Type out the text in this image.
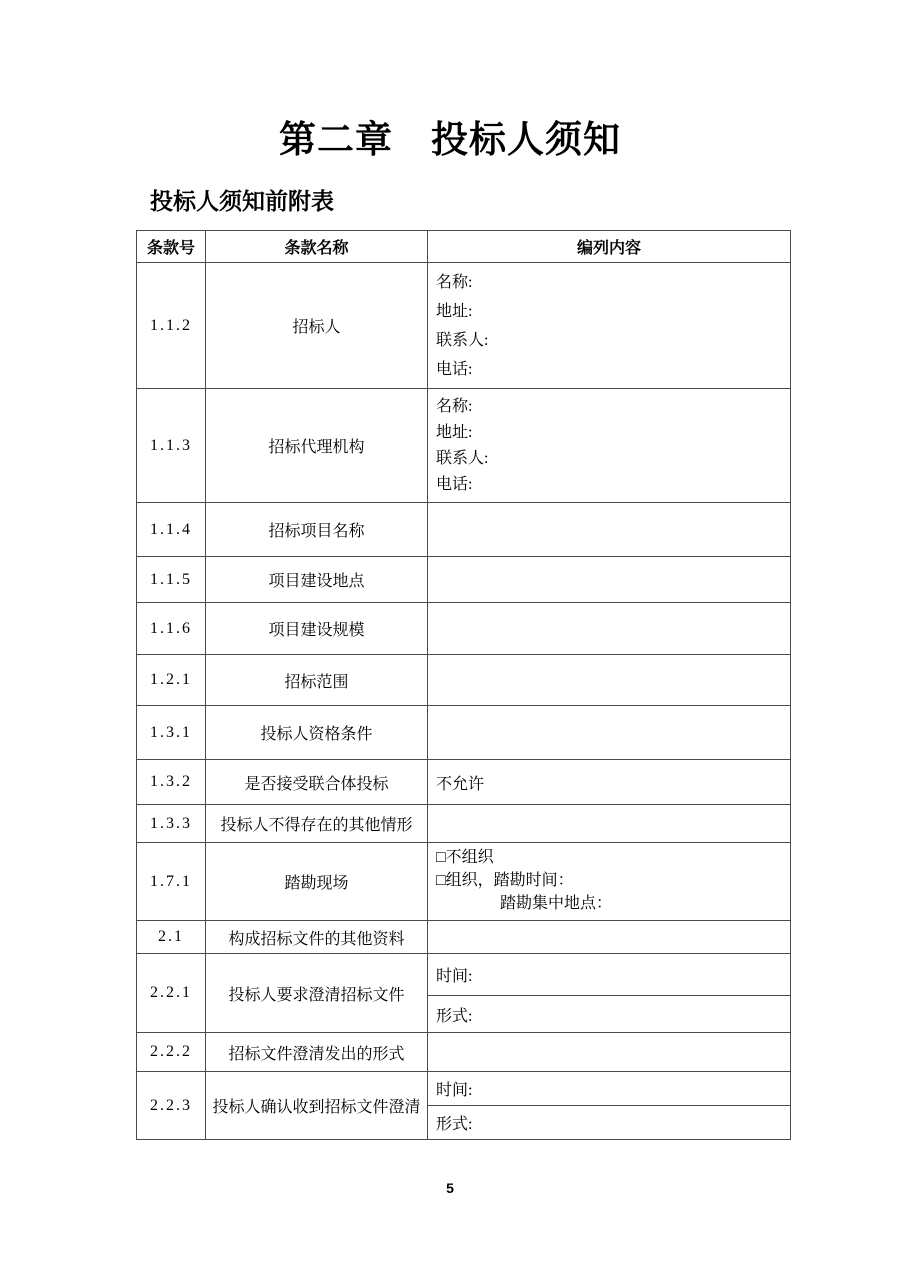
第二章　投标人须知
投标人须知前附表
条款号	条款名称	编列内容
1.1.2	招标人	名称:
地址:
联系人:
电话:

1.1.3	招标代理机构	名称:
地址:
联系人:
电话:

1.1.4	招标项目名称	
1.1.5	项目建设地点	
1.1.6	项目建设规模	
1.2.1	招标范围	
1.3.1	投标人资格条件	
1.3.2	是否接受联合体投标	不允许
1.3.3	投标人不得存在的其他情形	
1.7.1	踏勘现场	□不组织
□组织，踏勘时间：
　　　　踏勘集中地点：

2.1	构成招标文件的其他资料	
2.2.1	投标人要求澄清招标文件	时间:
		形式:
2.2.2	招标文件澄清发出的形式	
2.2.3	投标人确认收到招标文件澄清	时间:
		形式:
5
